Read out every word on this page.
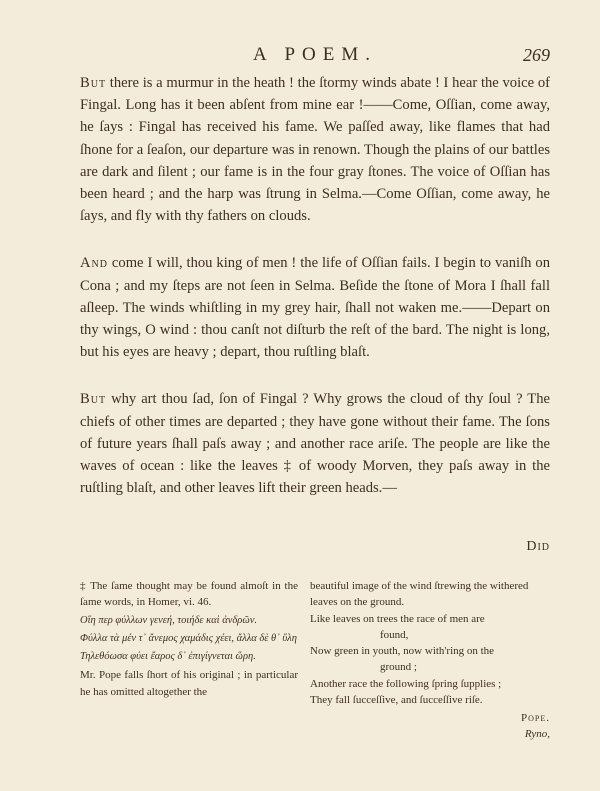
A POEM.	269

But there is a murmur in the heath ! the ſtormy winds abate ! I hear the voice of Fingal. Long has it been abſent from mine ear !——Come, Oſſian, come away, he ſays : Fingal has received his fame. We paſſed away, like flames that had ſhone for a ſeaſon, our departure was in renown. Though the plains of our battles are dark and ſilent ; our fame is in the four gray ſtones. The voice of Oſſian has been heard ; and the harp was ſtrung in Selma.—Come Oſſian, come away, he ſays, and fly with thy fathers on clouds.

And come I will, thou king of men ! the life of Oſſian fails. I begin to vaniſh on Cona ; and my ſteps are not ſeen in Selma. Beſide the ſtone of Mora I ſhall fall aſleep. The winds whiſtling in my grey hair, ſhall not waken me.——Depart on thy wings, O wind : thou canſt not diſturb the reſt of the bard. The night is long, but his eyes are heavy ; depart, thou ruſtling blaſt.

But why art thou ſad, ſon of Fingal ? Why grows the cloud of thy ſoul ? The chiefs of other times are departed ; they have gone without their fame. The ſons of future years ſhall paſs away ; and another race ariſe. The people are like the waves of ocean : like the leaves ‡ of woody Morven, they paſs away in the ruſtling blaſt, and other leaves lift their green heads.—

Did

‡ The ſame thought may be found almoſt in the ſame words, in Homer, vi. 46.

Οἵη περ φύλλων γενεή, τοιήδε καὶ ἀνδρῶν.

Φύλλα τὰ μέν τ᾽ ἄνεμος χαμάδις χέει, ἄλλα δὲ θ᾽ ὕλη

Τηλεθόωσα φύει ἔαρος δ᾽ ἐπιγίγνεται ὥρη.

Mr. Pope falls ſhort of his original ; in particular he has omitted altogether the

beautiful image of the wind ſtrewing the withered leaves on the ground.

Like leaves on trees the race of men are
found,

Now green in youth, now with'ring on the
ground ;

Another race the following ſpring ſupplies ;

They fall ſucceſſive, and ſucceſſive riſe.

Pope.

Ryno,
